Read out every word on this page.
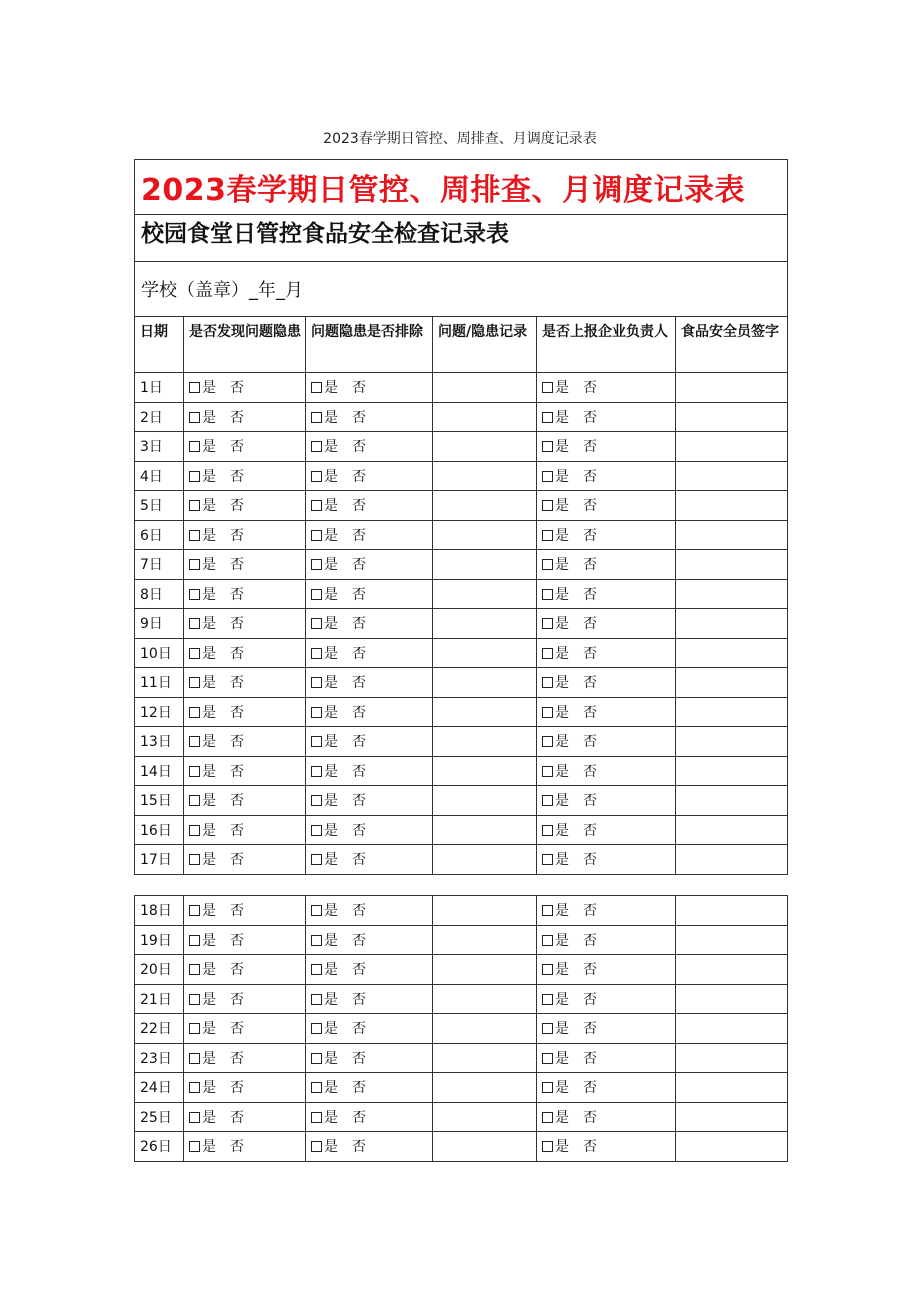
2023春学期日管控、周排查、月调度记录表
2023春学期日管控、周排查、月调度记录表					
校园食堂日管控食品安全检查记录表					
学校（盖章）_年_月					
日期	是否发现问题隐患	问题隐患是否排除	问题/隐患记录	是否上报企业负责人	食品安全员签字
1日	是 否	是 否		是 否	
2日	是 否	是 否		是 否	
3日	是 否	是 否		是 否	
4日	是 否	是 否		是 否	
5日	是 否	是 否		是 否	
6日	是 否	是 否		是 否	
7日	是 否	是 否		是 否	
8日	是 否	是 否		是 否	
9日	是 否	是 否		是 否	
10日	是 否	是 否		是 否	
11日	是 否	是 否		是 否	
12日	是 否	是 否		是 否	
13日	是 否	是 否		是 否	
14日	是 否	是 否		是 否	
15日	是 否	是 否		是 否	
16日	是 否	是 否		是 否	
17日	是 否	是 否		是 否	
18日	是 否	是 否		是 否	
19日	是 否	是 否		是 否	
20日	是 否	是 否		是 否	
21日	是 否	是 否		是 否	
22日	是 否	是 否		是 否	
23日	是 否	是 否		是 否	
24日	是 否	是 否		是 否	
25日	是 否	是 否		是 否	
26日	是 否	是 否		是 否	
